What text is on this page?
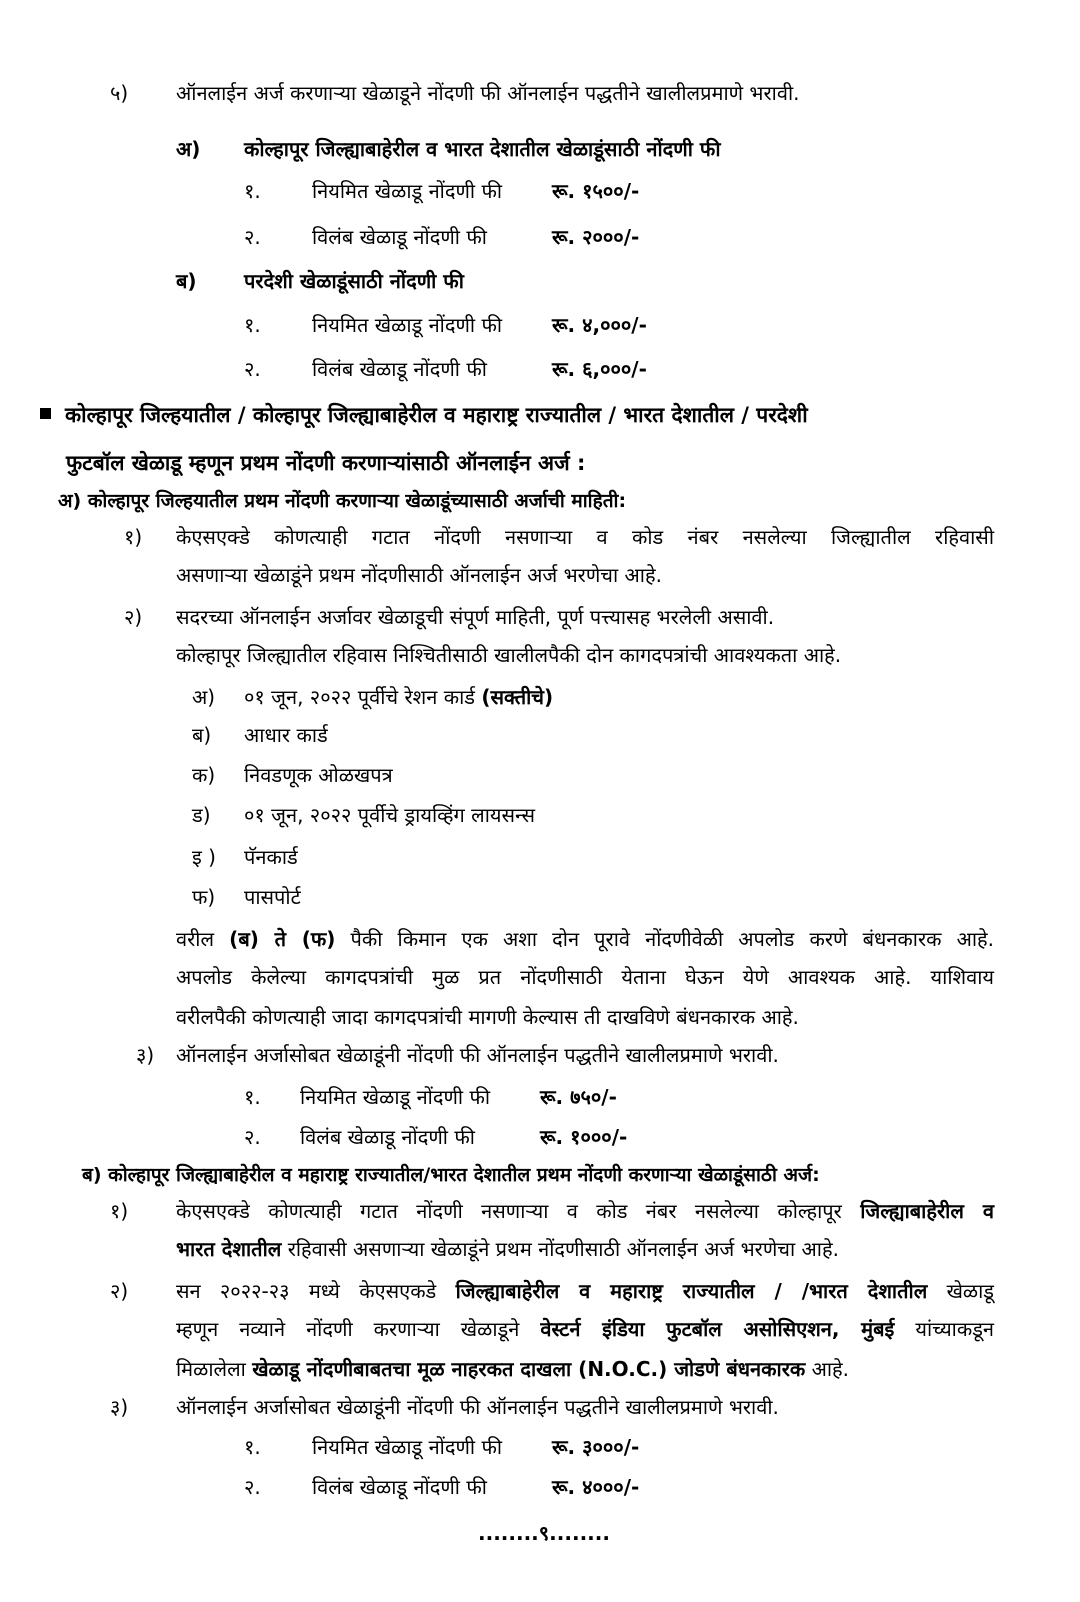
५) ऑनलाईन अर्ज करणाऱ्या खेळाडूने नोंदणी फी ऑनलाईन पद्धतीने खालीलप्रमाणे भरावी.
अ) कोल्हापूर जिल्ह्याबाहेरील व भारत देशातील खेळाडूंसाठी नोंदणी फी
१.	नियमित खेळाडू नोंदणी फी रू. १५००/-
२.	विलंब खेळाडू नोंदणी फी	रू. २०००/-
ब) परदेशी खेळाडूंसाठी नोंदणी फी
१.	नियमित खेळाडू नोंदणी फी रू. ४,०००/-
२.	विलंब खेळाडू नोंदणी फी	रू. ६,०००/-
कोल्हापूर जिल्हयातील / कोल्हापूर जिल्ह्याबाहेरील व महाराष्ट्र राज्यातील / भारत देशातील / परदेशी
फुटबॉल खेळाडू म्हणून प्रथम नोंदणी करणाऱ्यांसाठी ऑनलाईन अर्ज :
अ) कोल्हापूर जिल्हयातील प्रथम नोंदणी करणाऱ्या खेळाडूंच्यासाठी अर्जाची माहिती:
१) केएसएक्डे कोणत्याही गटात नोंदणी नसणाऱ्या व कोड नंबर नसलेल्या जिल्ह्यातील रहिवासी
असणाऱ्या खेळाडूंने प्रथम नोंदणीसाठी ऑनलाईन अर्ज भरणेचा आहे.
२) सदरच्या ऑनलाईन अर्जावर खेळाडूची संपूर्ण माहिती, पूर्ण पत्त्यासह भरलेली असावी.
कोल्हापूर जिल्ह्यातील रहिवास निश्चितीसाठी खालीलपैकी दोन कागदपत्रांची आवश्यकता आहे.
अ) ०१ जून, २०२२ पूर्वीचे रेशन कार्ड (सक्तीचे)
ब) आधार कार्ड
क) निवडणूक ओळखपत्र
ड) ०१ जून, २०२२ पूर्वीचे ड्रायव्हिंग लायसन्स
इ ) पॅनकार्ड
फ) पासपोर्ट
वरील (ब) ते (फ) पैकी किमान एक अशा दोन पूरावे नोंदणीवेळी अपलोड करणे बंधनकारक आहे.
अपलोड केलेल्या कागदपत्रांची मुळ प्रत नोंदणीसाठी येताना घेऊन येणे आवश्यक आहे. याशिवाय
वरीलपैकी कोणत्याही जादा कागदपत्रांची मागणी केल्यास ती दाखविणे बंधनकारक आहे.
३) ऑनलाईन अर्जासोबत खेळाडूंनी नोंदणी फी ऑनलाईन पद्धतीने खालीलप्रमाणे भरावी.
१. नियमित खेळाडू नोंदणी फी रू. ७५०/-
२. विलंब खेळाडू नोंदणी फी	रू. १०००/-
ब) कोल्हापूर जिल्ह्याबाहेरील व महाराष्ट्र राज्यातील/भारत देशातील प्रथम नोंदणी करणाऱ्या खेळाडूंसाठी अर्ज:
१) केएसएक्डे कोणत्याही गटात नोंदणी नसणाऱ्या व कोड नंबर नसलेल्या कोल्हापूर जिल्ह्याबाहेरील व
भारत देशातील रहिवासी असणाऱ्या खेळाडूंने प्रथम नोंदणीसाठी ऑनलाईन अर्ज भरणेचा आहे.
२) सन २०२२-२३ मध्ये केएसएकडे जिल्ह्याबाहेरील व महाराष्ट्र राज्यातील / /भारत देशातील खेळाडू
म्हणून नव्याने नोंदणी करणाऱ्या खेळाडूने वेस्टर्न इंडिया फुटबॉल असोसिएशन, मुंबई यांच्याकडून
मिळालेला खेळाडू नोंदणीबाबतचा मूळ नाहरकत दाखला (N.O.C.) जोडणे बंधनकारक आहे.
३) ऑनलाईन अर्जासोबत खेळाडूंनी नोंदणी फी ऑनलाईन पद्धतीने खालीलप्रमाणे भरावी.
१.	नियमित खेळाडू नोंदणी फी रू. ३०००/-
२.	विलंब खेळाडू नोंदणी फी	रू. ४०००/-
........९........
